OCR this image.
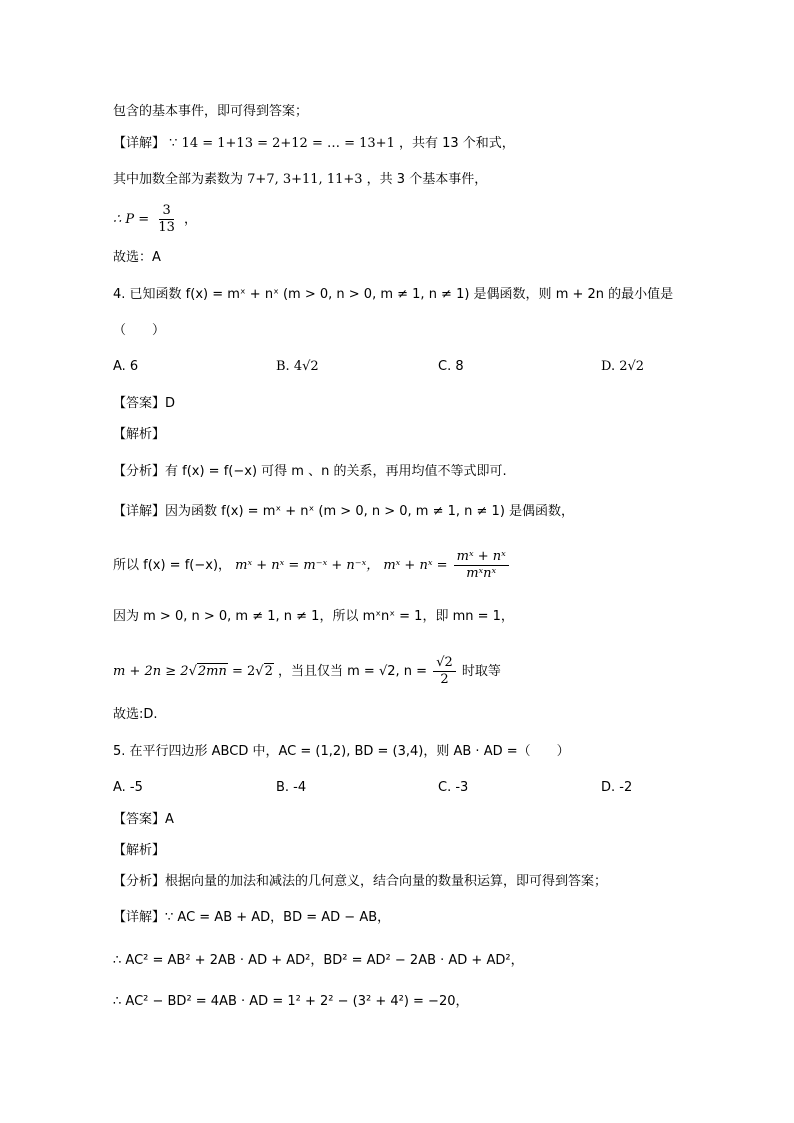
包含的基本事件，即可得到答案；
【详解】 ∵ 14 = 1+13 = 2+12 = … = 13+1 ，共有 13 个和式，
其中加数全部为素数为 7+7, 3+11, 11+3 ，共 3 个基本事件，
∴ $P = \frac{3}{13}$ ，
故选：A
4. 已知函数 f(x) = mˣ + nˣ (m > 0, n > 0, m ≠ 1, n ≠ 1) 是偶函数，则 m + 2n 的最小值是
（　　）
A. 6	B. 4√2	C. 8	D. 2√2
【答案】D
【解析】
【分析】有 f(x) = f(−x) 可得 m 、n 的关系，再用均值不等式即可.
【详解】因为函数 f(x) = mˣ + nˣ (m > 0, n > 0, m ≠ 1, n ≠ 1) 是偶函数，
所以 f(x) = f(−x)， mˣ + nˣ = m⁻ˣ + n⁻ˣ， mˣ + nˣ = $\frac{\text{mˣ + nˣ}}{\text{mˣnˣ}}$
因为 m > 0, n > 0, m ≠ 1, n ≠ 1，所以 mˣnˣ = 1，即 mn = 1，
m + 2n ≥ 2√2mn = 2√2 ，当且仅当 m = √2, $n = \frac{√2}{2}$ 时取等
故选:D.
5. 在平行四边形 ABCD 中，AC = (1,2), BD = (3,4)，则 AB · AD =（　　）
A. -5	B. -4	C. -3	D. -2
【答案】A
【解析】
【分析】根据向量的加法和减法的几何意义，结合向量的数量积运算，即可得到答案；
【详解】∵ AC = AB + AD，BD = AD − AB，
∴ AC² = AB² + 2AB · AD + AD²，BD² = AD² − 2AB · AD + AD²，
∴ AC² − BD² = 4AB · AD = 1² + 2² − (3² + 4²) = −20，
